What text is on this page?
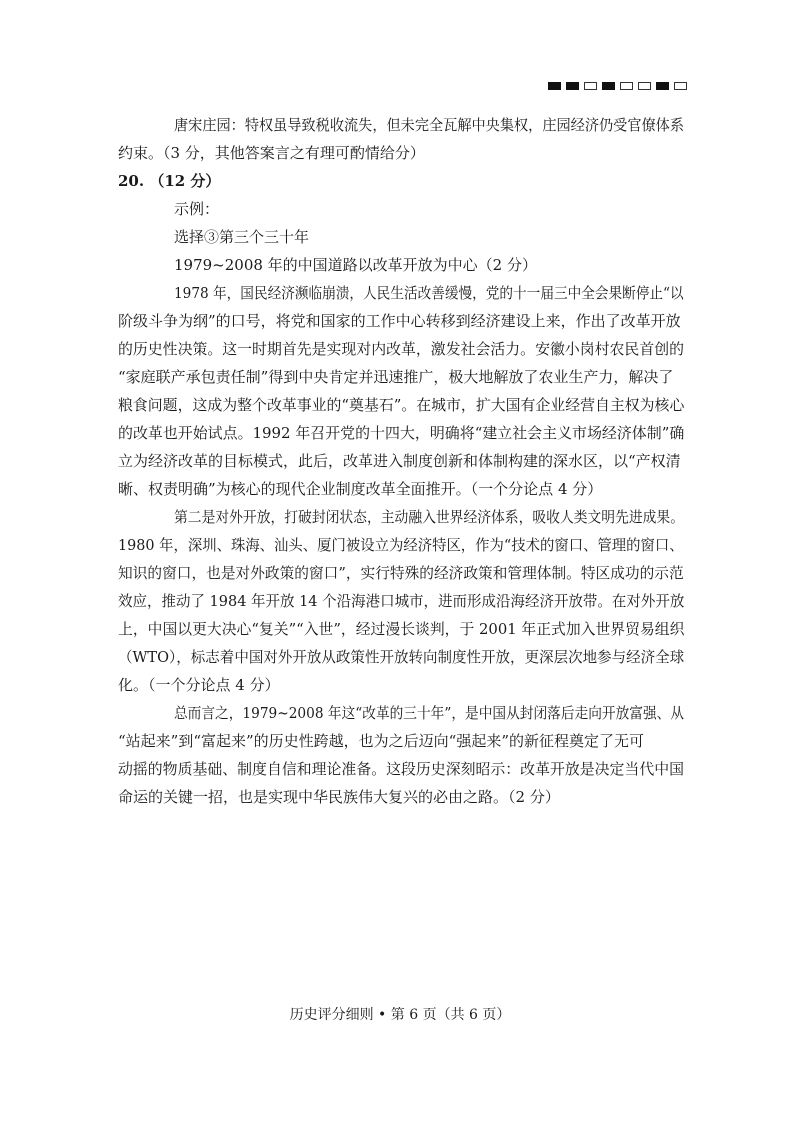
唐宋庄园：特权虽导致税收流失，但未完全瓦解中央集权，庄园经济仍受官僚体系
约束。（3 分，其他答案言之有理可酌情给分）
20. （12 分）
示例：
选择③第三个三十年
1979~2008 年的中国道路以改革开放为中心（2 分）
1978 年，国民经济濒临崩溃，人民生活改善缓慢，党的十一届三中全会果断停止“以
阶级斗争为纲”的口号，将党和国家的工作中心转移到经济建设上来，作出了改革开放
的历史性决策。这一时期首先是实现对内改革，激发社会活力。安徽小岗村农民首创的
“家庭联产承包责任制”得到中央肯定并迅速推广，极大地解放了农业生产力，解决了
粮食问题，这成为整个改革事业的“奠基石”。在城市，扩大国有企业经营自主权为核心
的改革也开始试点。1992 年召开党的十四大，明确将“建立社会主义市场经济体制”确
立为经济改革的目标模式，此后，改革进入制度创新和体制构建的深水区，以“产权清
晰、权责明确”为核心的现代企业制度改革全面推开。（一个分论点 4 分）
第二是对外开放，打破封闭状态，主动融入世界经济体系，吸收人类文明先进成果。
1980 年，深圳、珠海、汕头、厦门被设立为经济特区，作为“技术的窗口、管理的窗口、
知识的窗口，也是对外政策的窗口”，实行特殊的经济政策和管理体制。特区成功的示范
效应，推动了 1984 年开放 14 个沿海港口城市，进而形成沿海经济开放带。在对外开放
上，中国以更大决心“复关”“入世”，经过漫长谈判，于 2001 年正式加入世界贸易组织
（WTO），标志着中国对外开放从政策性开放转向制度性开放，更深层次地参与经济全球
化。（一个分论点 4 分）
总而言之，1979~2008 年这“改革的三十年”，是中国从封闭落后走向开放富强、从
“站起来”到“富起来”的历史性跨越，也为之后迈向“强起来”的新征程奠定了无可
动摇的物质基础、制度自信和理论准备。这段历史深刻昭示：改革开放是决定当代中国
命运的关键一招，也是实现中华民族伟大复兴的必由之路。（2 分）
历史评分细则 • 第 6 页（共 6 页）
